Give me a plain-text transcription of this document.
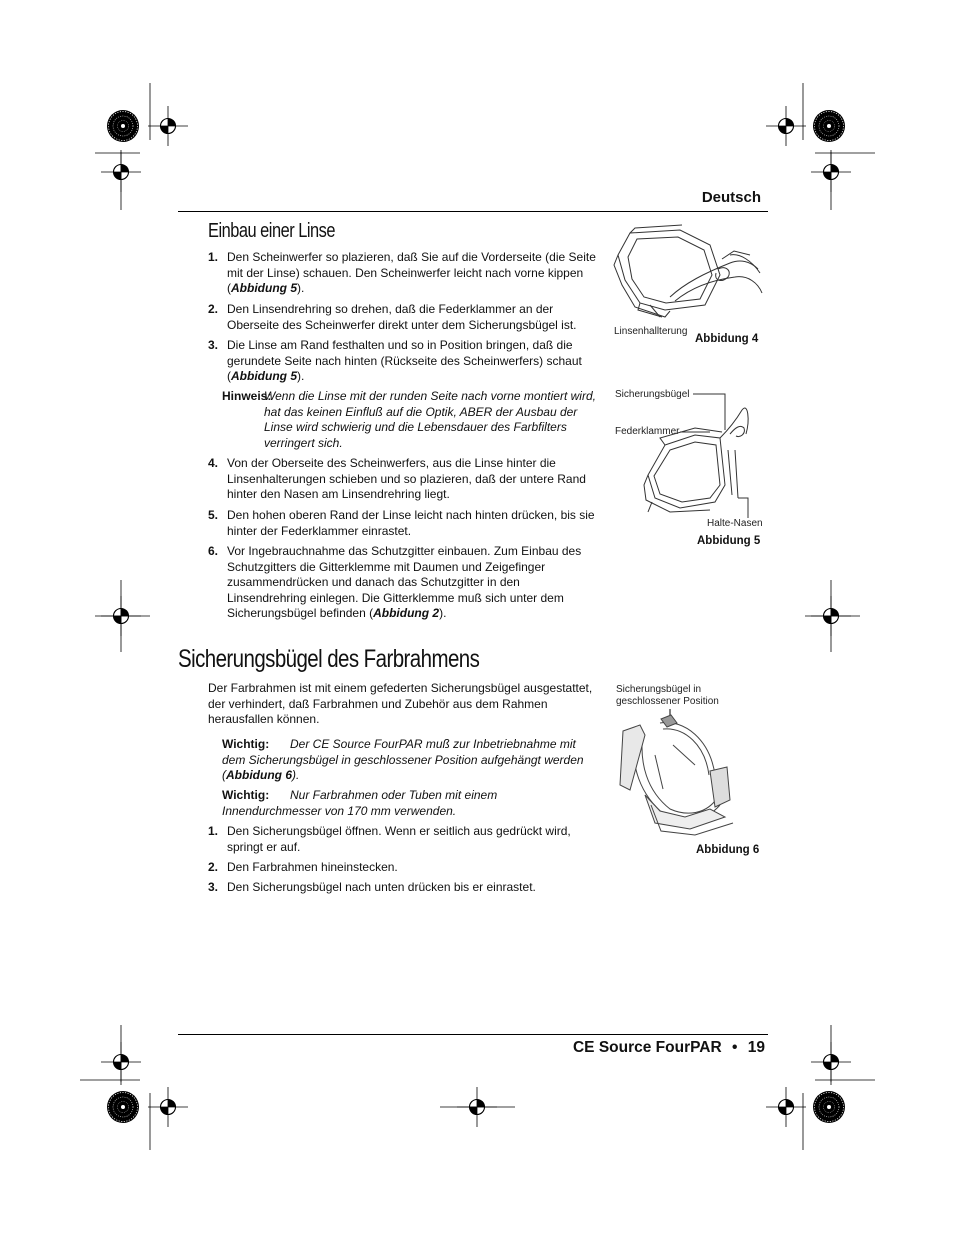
Deutsch
Einbau einer Linse
1. Den Scheinwerfer so plazieren, daß Sie auf die Vorderseite (die Seite mit der Linse) schauen. Den Scheinwerfer leicht nach vorne kippen (Abbidung 5).
2. Den Linsendrehring so drehen, daß die Federklammer an der Oberseite des Scheinwerfer direkt unter dem Sicherungsbügel ist.
3. Die Linse am Rand festhalten und so in Position bringen, daß die gerundete Seite nach hinten (Rückseite des Scheinwerfers) schaut (Abbidung 5).
Hinweis:
Wenn die Linse mit der runden Seite nach vorne montiert wird, hat das keinen Einfluß auf die Optik, ABER der Ausbau der Linse wird schwierig und die Lebensdauer des Farbfilters verringert sich.
4. Von der Oberseite des Scheinwerfers, aus die Linse hinter die Linsenhalterungen schieben und so plazieren, daß der untere Rand hinter den Nasen am Linsendrehring liegt.
5. Den hohen oberen Rand der Linse leicht nach hinten drücken, bis sie hinter der Federklammer einrastet.
6. Vor Ingebrauchnahme das Schutzgitter einbauen. Zum Einbau des Schutzgitters die Gitterklemme mit Daumen und Zeigefinger zusammendrücken und danach das Schutzgitter in den Linsendrehring einlegen. Die Gitterklemme muß sich unter dem Sicherungsbügel befinden (Abbidung 2).
Sicherungsbügel des Farbrahmens
Der Farbrahmen ist mit einem gefederten Sicherungsbügel ausgestattet, der verhindert, daß Farbrahmen und Zubehör aus dem Rahmen herausfallen können.
Wichtig: Der CE Source FourPAR muß zur Inbetriebnahme mit dem Sicherungsbügel in geschlossener Position aufgehängt werden (Abbidung 6).
Wichtig: Nur Farbrahmen oder Tuben mit einem Innendurchmesser von 170 mm verwenden.
1. Den Sicherungsbügel öffnen. Wenn er seitlich aus gedrückt wird, springt er auf.
2. Den Farbrahmen hineinstecken.
3. Den Sicherungsbügel nach unten drücken bis er einrastet.
Linsenhallterung
Abbidung 4
Sicherungsbügel
Federklammer
Halte-Nasen
Abbidung 5
Sicherungsbügel in
geschlossener Position
Abbidung 6
CE Source FourPAR • 19
